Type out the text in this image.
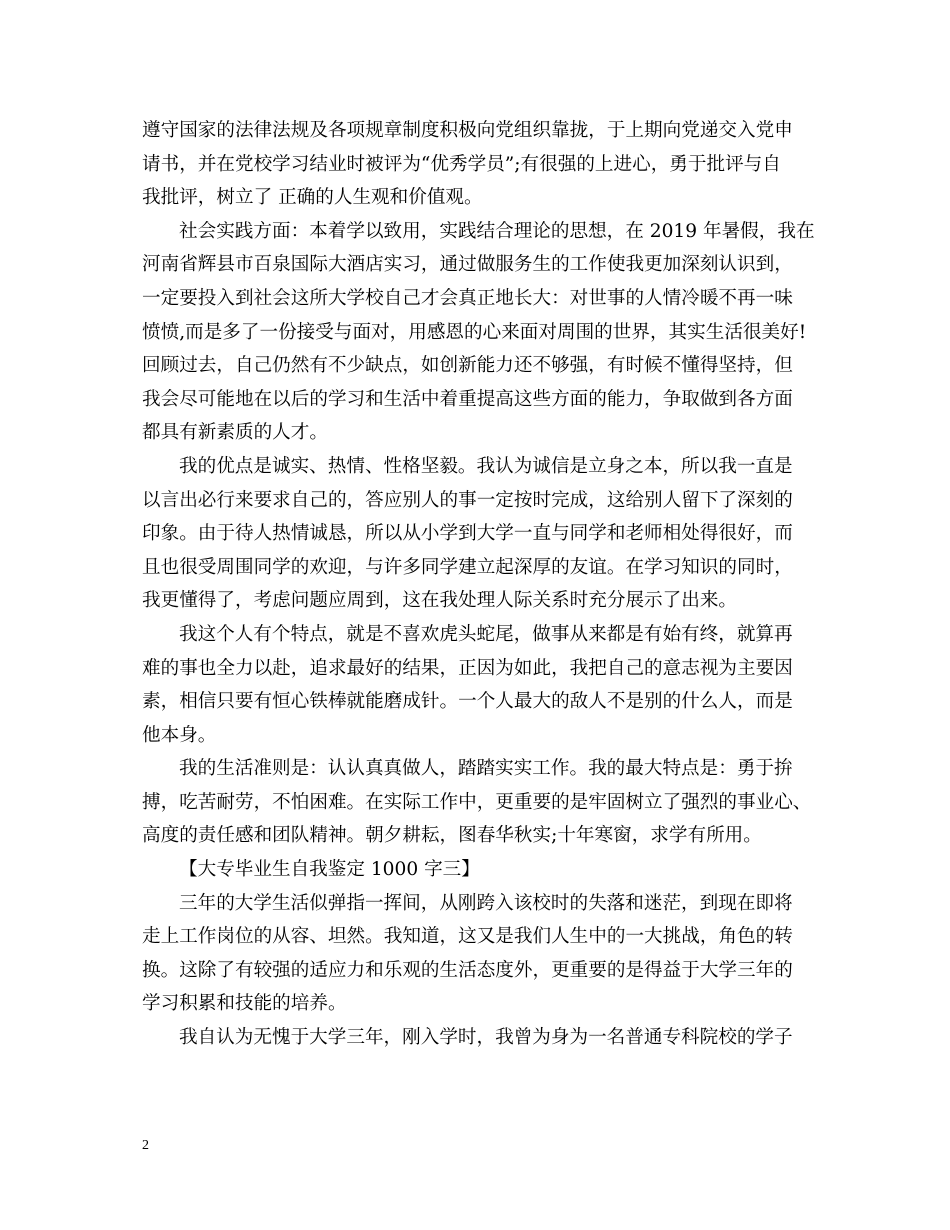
遵守国家的法律法规及各项规章制度积极向党组织靠拢，于上期向党递交入党申
请书，并在党校学习结业时被评为“优秀学员”;有很强的上进心，勇于批评与自
我批评，树立了 正确的人生观和价值观。
社会实践方面：本着学以致用，实践结合理论的思想，在 2019 年暑假，我在
河南省辉县市百泉国际大酒店实习，通过做服务生的工作使我更加深刻认识到，
一定要投入到社会这所大学校自己才会真正地长大：对世事的人情冷暖不再一味
愤愤,而是多了一份接受与面对，用感恩的心来面对周围的世界，其实生活很美好!
回顾过去，自己仍然有不少缺点，如创新能力还不够强，有时候不懂得坚持，但
我会尽可能地在以后的学习和生活中着重提高这些方面的能力，争取做到各方面
都具有新素质的人才。
我的优点是诚实、热情、性格坚毅。我认为诚信是立身之本，所以我一直是
以言出必行来要求自己的，答应别人的事一定按时完成，这给别人留下了深刻的
印象。由于待人热情诚恳，所以从小学到大学一直与同学和老师相处得很好，而
且也很受周围同学的欢迎，与许多同学建立起深厚的友谊。在学习知识的同时，
我更懂得了，考虑问题应周到，这在我处理人际关系时充分展示了出来。
我这个人有个特点，就是不喜欢虎头蛇尾，做事从来都是有始有终，就算再
难的事也全力以赴，追求最好的结果，正因为如此，我把自己的意志视为主要因
素，相信只要有恒心铁棒就能磨成针。一个人最大的敌人不是别的什么人，而是
他本身。
我的生活准则是：认认真真做人，踏踏实实工作。我的最大特点是：勇于拚
搏，吃苦耐劳，不怕困难。在实际工作中，更重要的是牢固树立了强烈的事业心、
高度的责任感和团队精神。朝夕耕耘，图春华秋实;十年寒窗，求学有所用。
【大专毕业生自我鉴定 1000 字三】
三年的大学生活似弹指一挥间，从刚跨入该校时的失落和迷茫，到现在即将
走上工作岗位的从容、坦然。我知道，这又是我们人生中的一大挑战，角色的转
换。这除了有较强的适应力和乐观的生活态度外，更重要的是得益于大学三年的
学习积累和技能的培养。
我自认为无愧于大学三年，刚入学时，我曾为身为一名普通专科院校的学子
2
